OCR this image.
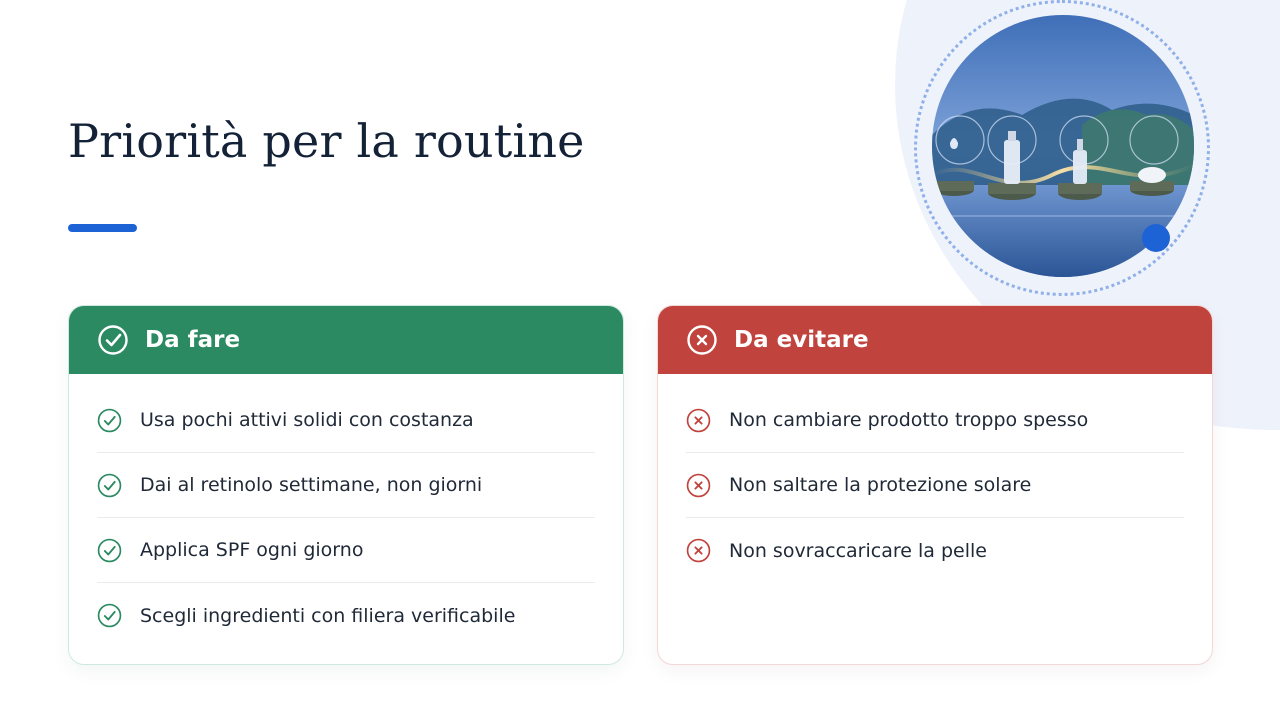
Priorità per la routine
Da fare
Usa pochi attivi solidi con costanza
Dai al retinolo settimane, non giorni
Applica SPF ogni giorno
Scegli ingredienti con filiera verificabile
Da evitare
Non cambiare prodotto troppo spesso
Non saltare la protezione solare
Non sovraccaricare la pelle
